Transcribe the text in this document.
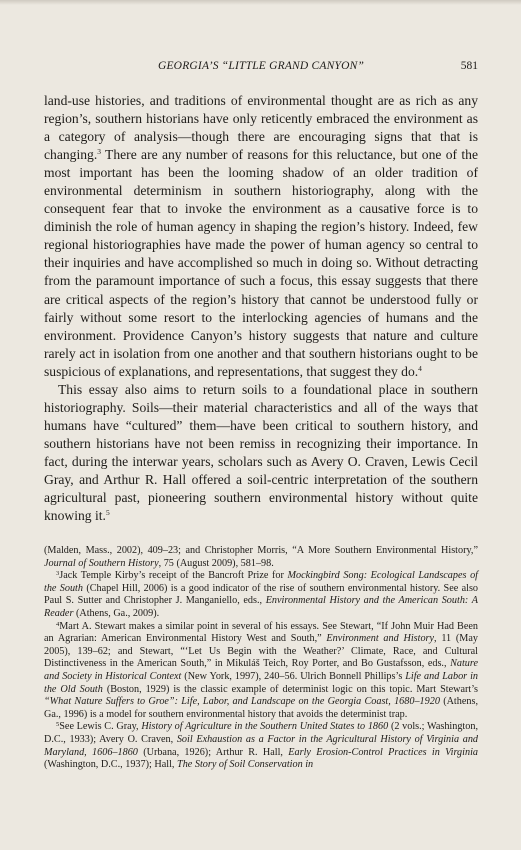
GEORGIA’S “LITTLE GRAND CANYON”	581

land-use histories, and traditions of environmental thought are as rich as any region’s, southern historians have only reticently embraced the environment as a category of analysis—though there are encouraging signs that that is changing.$^3$ There are any number of reasons for this reluctance, but one of the most important has been the looming shadow of an older tradition of environmental determinism in southern historiography, along with the consequent fear that to invoke the environment as a causative force is to diminish the role of human agency in shaping the region’s history. Indeed, few regional historiographies have made the power of human agency so central to their inquiries and have accomplished so much in doing so. Without detracting from the paramount importance of such a focus, this essay suggests that there are critical aspects of the region’s history that cannot be understood fully or fairly without some resort to the interlocking agencies of humans and the environment. Providence Canyon’s history suggests that nature and culture rarely act in isolation from one another and that southern historians ought to be suspicious of explanations, and representations, that suggest they do.$^4$

This essay also aims to return soils to a foundational place in southern historiography. Soils—their material characteristics and all of the ways that humans have “cultured” them—have been critical to southern history, and southern historians have not been remiss in recognizing their importance. In fact, during the interwar years, scholars such as Avery O. Craven, Lewis Cecil Gray, and Arthur R. Hall offered a soil-centric interpretation of the southern agricultural past, pioneering southern environmental history without quite knowing it.$^5$

(Malden, Mass., 2002), 409–23; and Christopher Morris, “A More Southern Environmental History,” Journal of Southern History, 75 (August 2009), 581–98.

$^3$Jack Temple Kirby’s receipt of the Bancroft Prize for Mockingbird Song: Ecological Landscapes of the South (Chapel Hill, 2006) is a good indicator of the rise of southern environmental history. See also Paul S. Sutter and Christopher J. Manganiello, eds., Environmental History and the American South: A Reader (Athens, Ga., 2009).

$^4$Mart A. Stewart makes a similar point in several of his essays. See Stewart, “If John Muir Had Been an Agrarian: American Environmental History West and South,” Environment and History, 11 (May 2005), 139–62; and Stewart, “‘Let Us Begin with the Weather?’ Climate, Race, and Cultural Distinctiveness in the American South,” in Mikuláš Teich, Roy Porter, and Bo Gustafsson, eds., Nature and Society in Historical Context (New York, 1997), 240–56. Ulrich Bonnell Phillips’s Life and Labor in the Old South (Boston, 1929) is the classic example of determinist logic on this topic. Mart Stewart’s “What Nature Suffers to Groe”: Life, Labor, and Landscape on the Georgia Coast, 1680–1920 (Athens, Ga., 1996) is a model for southern environmental history that avoids the determinist trap.

$^5$See Lewis C. Gray, History of Agriculture in the Southern United States to 1860 (2 vols.; Washington, D.C., 1933); Avery O. Craven, Soil Exhaustion as a Factor in the Agricultural History of Virginia and Maryland, 1606–1860 (Urbana, 1926); Arthur R. Hall, Early Erosion-Control Practices in Virginia (Washington, D.C., 1937); Hall, The Story of Soil Conservation in
